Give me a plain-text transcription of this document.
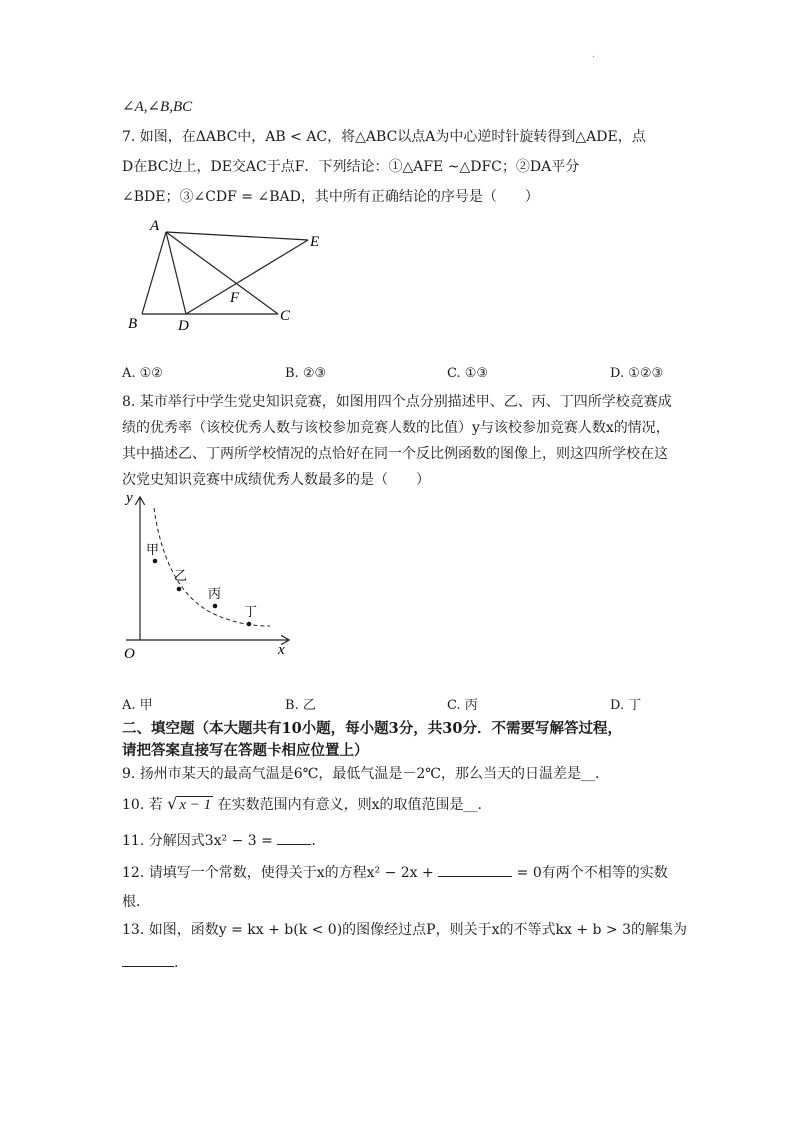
·
∠A,∠B,BC
7. 如图，在ΔABC中，AB < AC，将△ABC以点A为中心逆时针旋转得到△ADE，点
D在BC边上，DE交AC于点F．下列结论：①△AFE ~△DFC；②DA平分
∠BDE；③∠CDF = ∠BAD，其中所有正确结论的序号是（　　）
A
E
F
B	D
C
A. ①②	B. ②③	C. ①③	D. ①②③
8. 某市举行中学生党史知识竞赛，如图用四个点分别描述甲、乙、丙、丁四所学校竞赛成
绩的优秀率（该校优秀人数与该校参加竞赛人数的比值）y与该校参加竞赛人数x的情况，
其中描述乙、丁两所学校情况的点恰好在同一个反比例函数的图像上，则这四所学校在这
次党史知识竞赛中成绩优秀人数最多的是（　　）
y
x
O
甲
乙
丙
丁
A. 甲	B. 乙	C. 丙	D. 丁
二、填空题（本大题共有10小题，每小题3分，共30分．不需要写解答过程，
请把答案直接写在答题卡相应位置上）
9. 扬州市某天的最高气温是6℃，最低气温是－2℃，那么当天的日温差是__.
10. 若 √ x − 1 在实数范围内有意义，则x的取值范围是__.
11. 分解因式3x² − 3 =	.
12. 请填写一个常数，使得关于x的方程x² − 2x +	= 0有两个不相等的实数
根.
13. 如图，函数y = kx + b(k < 0)的图像经过点P，则关于x的不等式kx + b > 3的解集为
.
